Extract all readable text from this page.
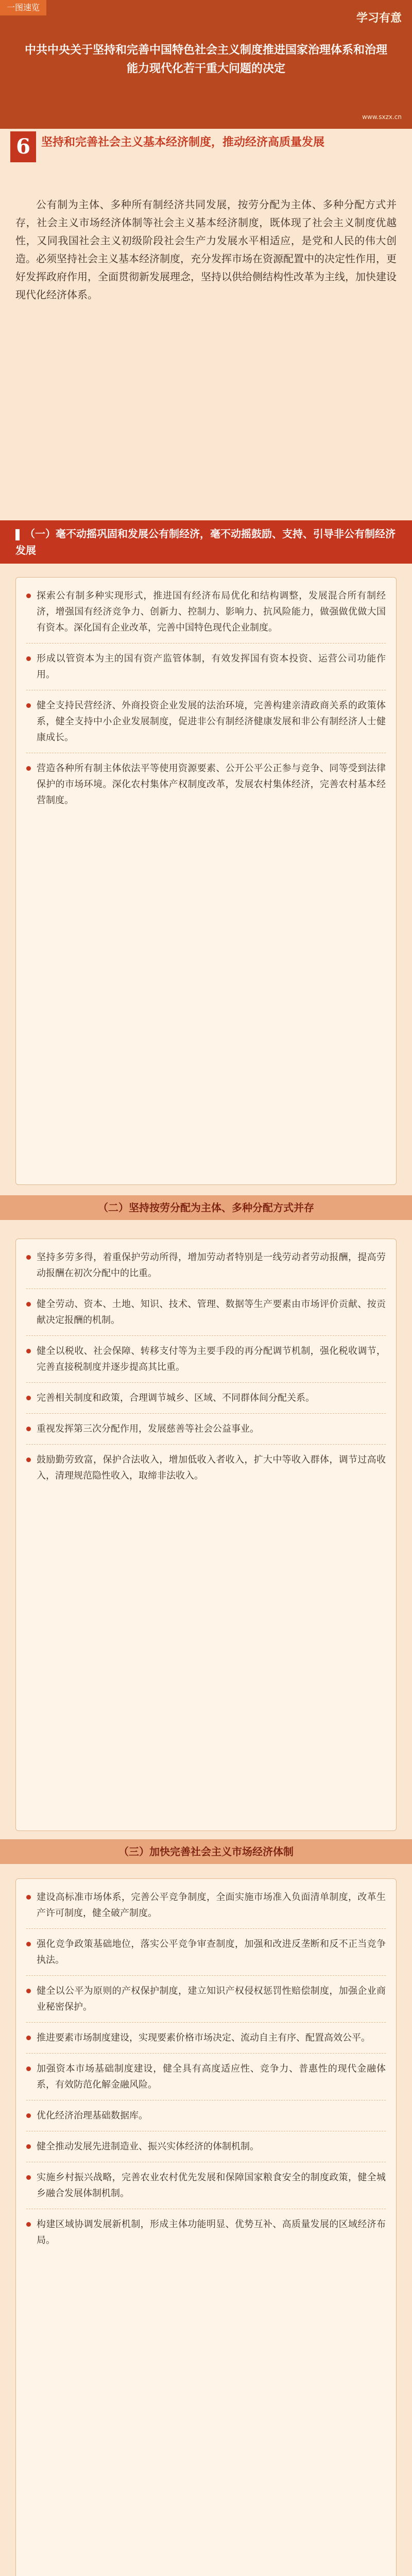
一图速览
学习有意
中共中央关于坚持和完善中国特色社会主义制度推进国家治理体系和治理能力现代化若干重大问题的决定
www.sxzx.cn
6 坚持和完善社会主义基本经济制度，推动经济高质量发展
公有制为主体、多种所有制经济共同发展，按劳分配为主体、多种分配方式并存，社会主义市场经济体制等社会主义基本经济制度，既体现了社会主义制度优越性，又同我国社会主义初级阶段社会生产力发展水平相适应，是党和人民的伟大创造。必须坚持社会主义基本经济制度，充分发挥市场在资源配置中的决定性作用，更好发挥政府作用，全面贯彻新发展理念，坚持以供给侧结构性改革为主线，加快建设现代化经济体系。
（一）毫不动摇巩固和发展公有制经济，毫不动摇鼓励、支持、引导非公有制经济发展
探索公有制多种实现形式，推进国有经济布局优化和结构调整，发展混合所有制经济，增强国有经济竞争力、创新力、控制力、影响力、抗风险能力，做强做优做大国有资本。深化国有企业改革，完善中国特色现代企业制度。
形成以管资本为主的国有资产监管体制，有效发挥国有资本投资、运营公司功能作用。
健全支持民营经济、外商投资企业发展的法治环境，完善构建亲清政商关系的政策体系，健全支持中小企业发展制度，促进非公有制经济健康发展和非公有制经济人士健康成长。
营造各种所有制主体依法平等使用资源要素、公开公平公正参与竞争、同等受到法律保护的市场环境。深化农村集体产权制度改革，发展农村集体经济，完善农村基本经营制度。
（二）坚持按劳分配为主体、多种分配方式并存
坚持多劳多得，着重保护劳动所得，增加劳动者特别是一线劳动者劳动报酬，提高劳动报酬在初次分配中的比重。
健全劳动、资本、土地、知识、技术、管理、数据等生产要素由市场评价贡献、按贡献决定报酬的机制。
健全以税收、社会保障、转移支付等为主要手段的再分配调节机制，强化税收调节，完善直接税制度并逐步提高其比重。
完善相关制度和政策，合理调节城乡、区域、不同群体间分配关系。
重视发挥第三次分配作用，发展慈善等社会公益事业。
鼓励勤劳致富，保护合法收入，增加低收入者收入，扩大中等收入群体，调节过高收入，清理规范隐性收入，取缔非法收入。
（三）加快完善社会主义市场经济体制
建设高标准市场体系，完善公平竞争制度，全面实施市场准入负面清单制度，改革生产许可制度，健全破产制度。
强化竞争政策基础地位，落实公平竞争审查制度，加强和改进反垄断和反不正当竞争执法。
健全以公平为原则的产权保护制度，建立知识产权侵权惩罚性赔偿制度，加强企业商业秘密保护。
推进要素市场制度建设，实现要素价格市场决定、流动自主有序、配置高效公平。
加强资本市场基础制度建设，健全具有高度适应性、竞争力、普惠性的现代金融体系，有效防范化解金融风险。
优化经济治理基础数据库。
健全推动发展先进制造业、振兴实体经济的体制机制。
实施乡村振兴战略，完善农业农村优先发展和保障国家粮食安全的制度政策，健全城乡融合发展体制机制。
构建区域协调发展新机制，形成主体功能明显、优势互补、高质量发展的区域经济布局。
